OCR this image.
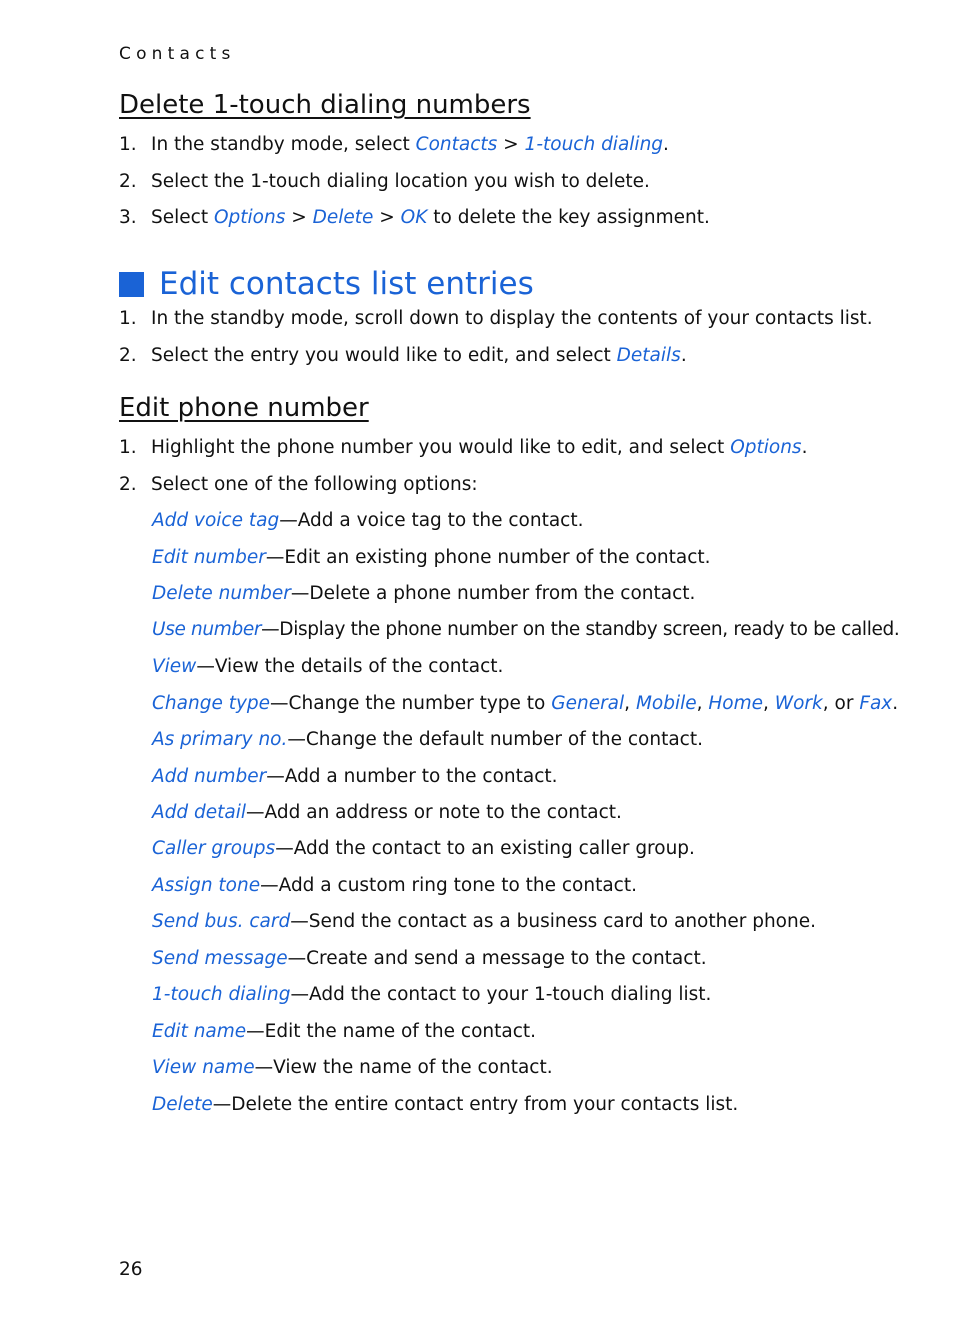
Contacts
Delete 1-touch dialing numbers
1. In the standby mode, select Contacts > 1-touch dialing.
2. Select the 1-touch dialing location you wish to delete.
3. Select Options > Delete > OK to delete the key assignment.
Edit contacts list entries
1. In the standby mode, scroll down to display the contents of your contacts list.
2. Select the entry you would like to edit, and select Details.
Edit phone number
1. Highlight the phone number you would like to edit, and select Options.
2. Select one of the following options:
Add voice tag—Add a voice tag to the contact.
Edit number—Edit an existing phone number of the contact.
Delete number—Delete a phone number from the contact.
Use number—Display the phone number on the standby screen, ready to be called.
View—View the details of the contact.
Change type—Change the number type to General, Mobile, Home, Work, or Fax.
As primary no.—Change the default number of the contact.
Add number—Add a number to the contact.
Add detail—Add an address or note to the contact.
Caller groups—Add the contact to an existing caller group.
Assign tone—Add a custom ring tone to the contact.
Send bus. card—Send the contact as a business card to another phone.
Send message—Create and send a message to the contact.
1-touch dialing—Add the contact to your 1-touch dialing list.
Edit name—Edit the name of the contact.
View name—View the name of the contact.
Delete—Delete the entire contact entry from your contacts list.
26
